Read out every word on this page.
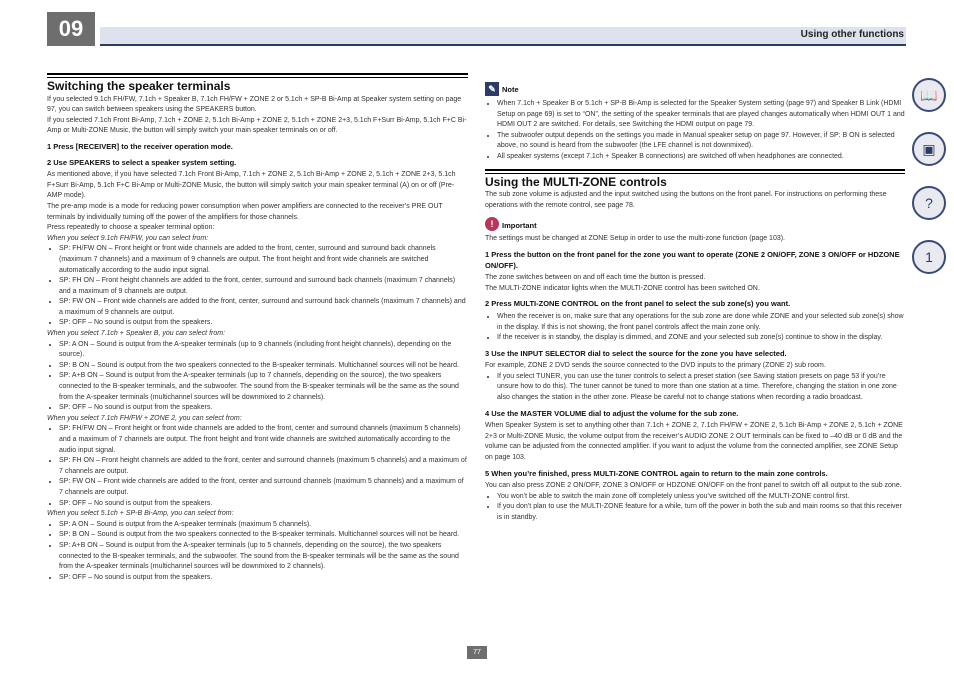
09	Using other functions
Switching the speaker terminals

If you selected 9.1ch FH/FW, 7.1ch + Speaker B, 7.1ch FH/FW + ZONE 2 or 5.1ch + SP-B Bi-Amp at Speaker system setting on page 97, you can switch between speakers using the SPEAKERS button.

If you selected 7.1ch Front Bi-Amp, 7.1ch + ZONE 2, 5.1ch Bi-Amp + ZONE 2, 5.1ch + ZONE 2+3, 5.1ch F+Surr Bi-Amp, 5.1ch F+C Bi-Amp or Multi-ZONE Music, the button will simply switch your main speaker terminals on or off.

1 Press [RECEIVER] to the receiver operation mode.
2 Use SPEAKERS to select a speaker system setting.

As mentioned above, if you have selected 7.1ch Front Bi-Amp, 7.1ch + ZONE 2, 5.1ch Bi-Amp + ZONE 2, 5.1ch + ZONE 2+3, 5.1ch F+Surr Bi-Amp, 5.1ch F+C Bi-Amp or Multi-ZONE Music, the button will simply switch your main speaker terminal (A) on or off (Pre-AMP mode).

The pre-amp mode is a mode for reducing power consumption when power amplifiers are connected to the receiver’s PRE OUT terminals by individually turning off the power of the amplifiers for those channels.

Press repeatedly to choose a speaker terminal option:

When you select 9.1ch FH/FW, you can select from:

• SP: FH/FW ON – Front height or front wide channels are added to the front, center, surround and surround back channels (maximum 7 channels) and a maximum of 9 channels are output. The front height and front wide channels are switched automatically according to the audio input signal.
• SP: FH ON – Front height channels are added to the front, center, surround and surround back channels (maximum 7 channels) and a maximum of 9 channels are output.
• SP: FW ON – Front wide channels are added to the front, center, surround and surround back channels (maximum 7 channels) and a maximum of 9 channels are output.
• SP: OFF – No sound is output from the speakers.

When you select 7.1ch + Speaker B, you can select from:

• SP: A ON – Sound is output from the A-speaker terminals (up to 9 channels (including front height channels), depending on the source).
• SP: B ON – Sound is output from the two speakers connected to the B-speaker terminals. Multichannel sources will not be heard.
• SP: A+B ON – Sound is output from the A-speaker terminals (up to 7 channels, depending on the source), the two speakers connected to the B-speaker terminals, and the subwoofer. The sound from the B-speaker terminals will be the same as the sound from the A-speaker terminals (multichannel sources will be downmixed to 2 channels).
• SP: OFF – No sound is output from the speakers.

When you select 7.1ch FH/FW + ZONE 2, you can select from:

• SP: FH/FW ON – Front height or front wide channels are added to the front, center and surround channels (maximum 5 channels) and a maximum of 7 channels are output. The front height and front wide channels are switched automatically according to the audio input signal.
• SP: FH ON – Front height channels are added to the front, center and surround channels (maximum 5 channels) and a maximum of 7 channels are output.
• SP: FW ON – Front wide channels are added to the front, center and surround channels (maximum 5 channels) and a maximum of 7 channels are output.
• SP: OFF – No sound is output from the speakers.

When you select 5.1ch + SP-B Bi-Amp, you can select from:

• SP: A ON – Sound is output from the A-speaker terminals (maximum 5 channels).
• SP: B ON – Sound is output from the two speakers connected to the B-speaker terminals. Multichannel sources will not be heard.
• SP: A+B ON – Sound is output from the A-speaker terminals (up to 5 channels, depending on the source), the two speakers connected to the B-speaker terminals, and the subwoofer. The sound from the B-speaker terminals will be the same as the sound from the A-speaker terminals (multichannel sources will be downmixed to 2 channels).
• SP: OFF – No sound is output from the speakers.
✎ Note
• When 7.1ch + Speaker B or 5.1ch + SP-B Bi-Amp is selected for the Speaker System setting (page 97) and Speaker B Link (HDMI Setup on page 69) is set to “ON”, the setting of the speaker terminals that are played changes automatically when HDMI OUT 1 and HDMI OUT 2 are switched. For details, see Switching the HDMI output on page 79.
• The subwoofer output depends on the settings you made in Manual speaker setup on page 97. However, if SP: B ON is selected above, no sound is heard from the subwoofer (the LFE channel is not downmixed).
• All speaker systems (except 7.1ch + Speaker B connections) are switched off when headphones are connected.
Using the MULTI-ZONE controls

The sub zone volume is adjusted and the input switched using the buttons on the front panel. For instructions on performing these operations with the remote control, see page 78.

!	Important

The settings must be changed at ZONE Setup in order to use the multi-zone function (page 103).

1 Press the button on the front panel for the zone you want to operate (ZONE 2 ON/OFF, ZONE 3 ON/OFF or HDZONE ON/OFF).

The zone switches between on and off each time the button is pressed.

The MULTI-ZONE indicator lights when the MULTI-ZONE control has been switched ON.

2 Press MULTI-ZONE CONTROL on the front panel to select the sub zone(s) you want.
• When the receiver is on, make sure that any operations for the sub zone are done while ZONE and your selected sub zone(s) show in the display. If this is not showing, the front panel controls affect the main zone only.
• If the receiver is in standby, the display is dimmed, and ZONE and your selected sub zone(s) continue to show in the display.
3 Use the INPUT SELECTOR dial to select the source for the zone you have selected.

For example, ZONE 2 DVD sends the source connected to the DVD inputs to the primary (ZONE 2) sub room.

• If you select TUNER, you can use the tuner controls to select a preset station (see Saving station presets on page 53 if you’re unsure how to do this). The tuner cannot be tuned to more than one station at a time. Therefore, changing the station in one zone also changes the station in the other zone. Please be careful not to change stations when recording a radio broadcast.
4 Use the MASTER VOLUME dial to adjust the volume for the sub zone.

When Speaker System is set to anything other than 7.1ch + ZONE 2, 7.1ch FH/FW + ZONE 2, 5.1ch Bi-Amp + ZONE 2, 5.1ch + ZONE 2+3 or Multi-ZONE Music, the volume output from the receiver’s AUDIO ZONE 2 OUT terminals can be fixed to –40 dB or 0 dB and the volume can be adjusted from the connected amplifier. If you want to adjust the volume from the connected amplifier, see ZONE Setup on page 103.

5 When you’re finished, press MULTI-ZONE CONTROL again to return to the main zone controls.

You can also press ZONE 2 ON/OFF, ZONE 3 ON/OFF or HDZONE ON/OFF on the front panel to switch off all output to the sub zone.

• You won’t be able to switch the main zone off completely unless you’ve switched off the MULTI-ZONE control first.
• If you don’t plan to use the MULTI-ZONE feature for a while, turn off the power in both the sub and main rooms so that this receiver is in standby.
📖
▣
?
1
77
